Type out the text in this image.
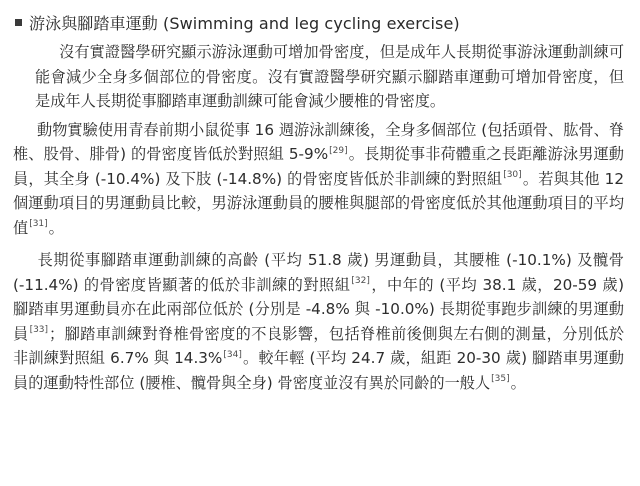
游泳與腳踏車運動 (Swimming and leg cycling exercise)

沒有實證醫學研究顯示游泳運動可增加骨密度，但是成年人長期從事游泳運動訓練可能會減少全身多個部位的骨密度。沒有實證醫學研究顯示腳踏車運動可增加骨密度，但是成年人長期從事腳踏車運動訓練可能會減少腰椎的骨密度。

動物實驗使用青春前期小鼠從事 16 週游泳訓練後，全身多個部位 (包括頭骨、肱骨、脊椎、股骨、腓骨) 的骨密度皆低於對照組 5-9%[29]。長期從事非荷體重之長距離游泳男運動員，其全身 (-10.4%) 及下肢 (-14.8%) 的骨密度皆低於非訓練的對照組[30]。若與其他 12 個運動項目的男運動員比較，男游泳運動員的腰椎與腿部的骨密度低於其他運動項目的平均值[31]。

長期從事腳踏車運動訓練的高齡 (平均 51.8 歲) 男運動員，其腰椎 (-10.1%) 及髖骨 (-11.4%) 的骨密度皆顯著的低於非訓練的對照組[32]，中年的 (平均 38.1 歲，20-59 歲) 腳踏車男運動員亦在此兩部位低於 (分別是 -4.8% 與 -10.0%) 長期從事跑步訓練的男運動員[33]；腳踏車訓練對脊椎骨密度的不良影響，包括脊椎前後側與左右側的測量，分別低於非訓練對照組 6.7% 與 14.3%[34]。較年輕 (平均 24.7 歲，組距 20-30 歲) 腳踏車男運動員的運動特性部位 (腰椎、髖骨與全身) 骨密度並沒有異於同齡的一般人[35]。
